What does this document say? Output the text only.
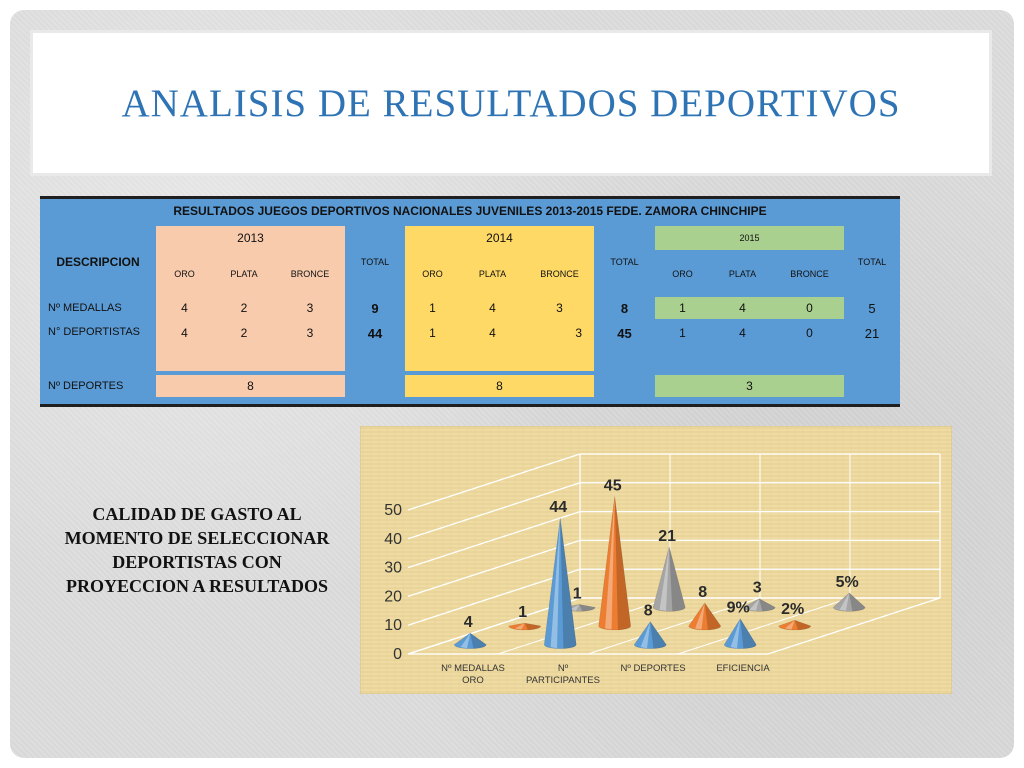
ANALISIS DE RESULTADOS DEPORTIVOS
RESULTADOS JUEGOS DEPORTIVOS NACIONALES JUVENILES 2013-2015 FEDE. ZAMORA CHINCHIPE
DESCRIPCION
2013
ORO	PLATA	BRONCE
TOTAL
2014
ORO	PLATA	BRONCE
TOTAL
2015
ORO	PLATA	BRONCE
TOTAL
Nº MEDALLAS	4	2	3	9	1	4	3	8	1	4	0	5
N° DEPORTISTAS	4	2	3	44	1	4	3	45	1	4	0	21
Nº DEPORTES	8	8	3
CALIDAD DE GASTO AL MOMENTO DE SELECCIONAR DEPORTISTAS CON PROYECCION A RESULTADOS
0
10
20
30
40
50
Nº MEDALLAS
ORO
Nº
PARTICIPANTES
Nº DEPORTES	EFICIENCIA
1
21
3	5%
1
45
8
2%
4
44
8	9%
